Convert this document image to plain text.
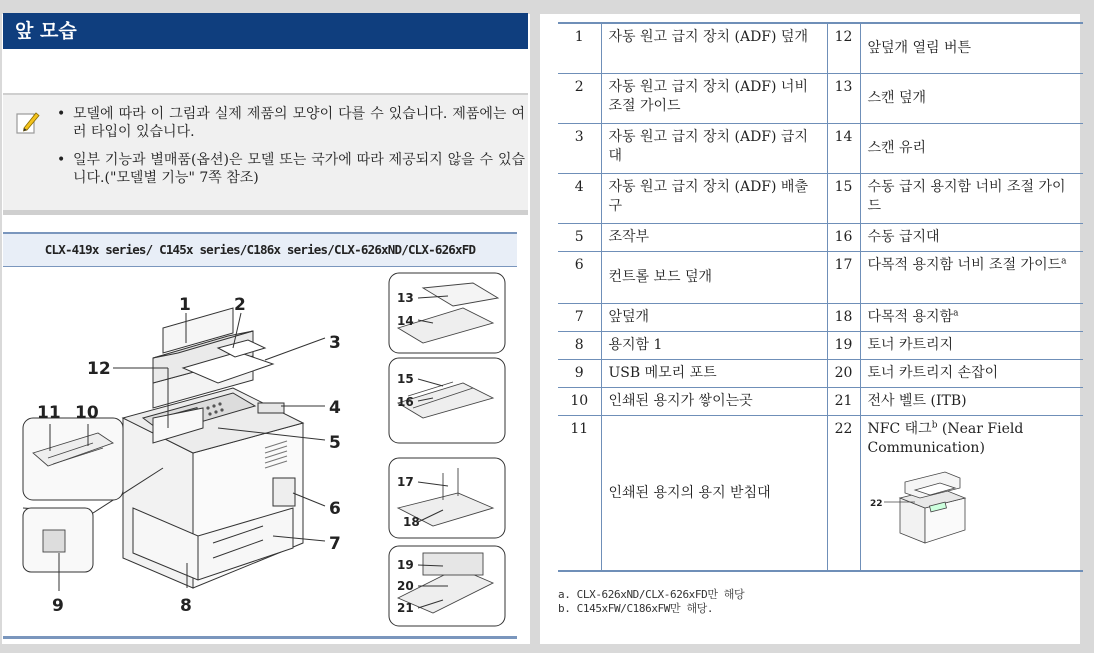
앞 모습
• 모델에 따라 이 그림과 실제 제품의 모양이 다를 수 있습니다. 제품에는 여러 타입이 있습니다.
• 일부 기능과 별매품(옵션)은 모델 또는 국가에 따라 제공되지 않을 수 있습니다.("모델별 기능" 7쪽 참조)
CLX-419x series/ C145x series/C186x series/CLX-626xND/CLX-626xFD
1	2
3
4
5
6
7
8
9
10
11
12
13
14
15
16
17
18
19
20
21
1	자동 원고 급지 장치 (ADF) 덮개	12	앞덮개 열림 버튼
2	자동 원고 급지 장치 (ADF) 너비 조절 가이드	13	스캔 덮개
3	자동 원고 급지 장치 (ADF) 급지대	14	스캔 유리
4	자동 원고 급지 장치 (ADF) 배출구	15	수동 급지 용지함 너비 조절 가이드
5	조작부	16	수동 급지대
6	컨트롤 보드 덮개	17	다목적 용지함 너비 조절 가이드$^a$
7	앞덮개	18	다목적 용지함$^a$
8	용지함 1	19	토너 카트리지
9	USB 메모리 포트	20	토너 카트리지 손잡이
10	인쇄된 용지가 쌓이는곳	21	전사 벨트 (ITB)
11	인쇄된 용지의 용지 받침대	22	NFC 태그$^b$ (Near Field Communication)
22
a. CLX-626xND/CLX-626xFD만 해당
b. C145xFW/C186xFW만 해당.
